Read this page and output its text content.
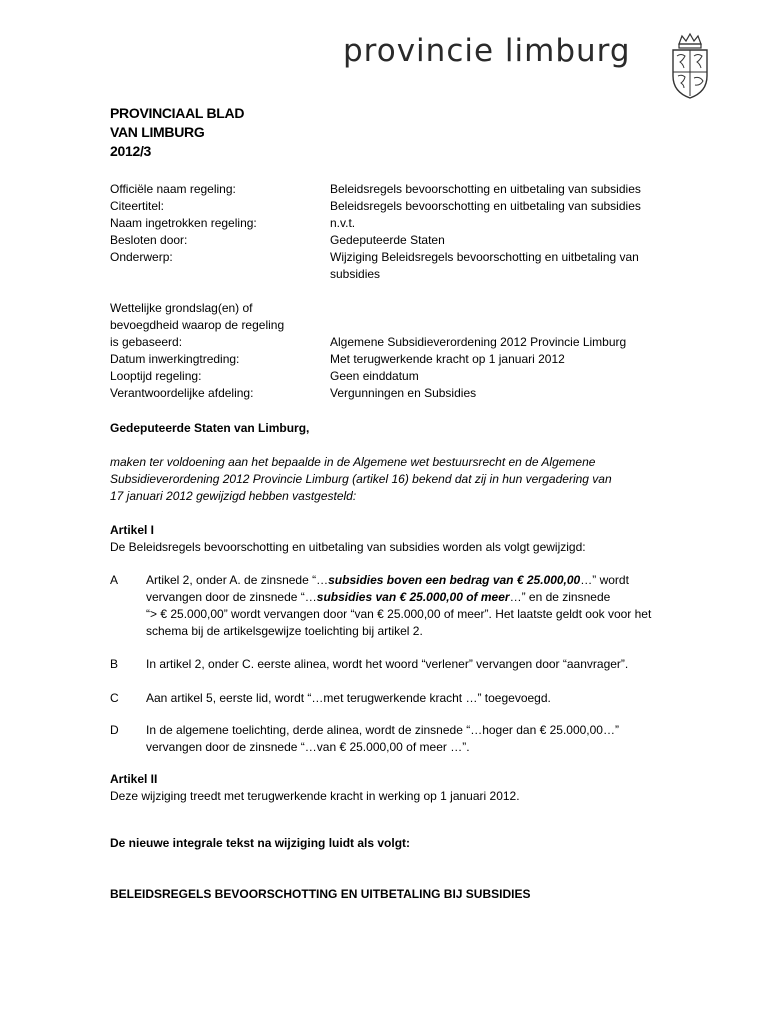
provincie limburg
PROVINCIAAL BLAD
VAN LIMBURG
2012/3
Officiële naam regeling:	Beleidsregels bevoorschotting en uitbetaling van subsidies
Citeertitel:	Beleidsregels bevoorschotting en uitbetaling van subsidies
Naam ingetrokken regeling:	n.v.t.
Besloten door:	Gedeputeerde Staten
Onderwerp:	Wijziging Beleidsregels bevoorschotting en uitbetaling van subsidies
Wettelijke grondslag(en) of
bevoegdheid waarop de regeling
is gebaseerd:	Algemene Subsidieverordening 2012 Provincie Limburg
Datum inwerkingtreding:	Met terugwerkende kracht op 1 januari 2012
Looptijd regeling:	Geen einddatum
Verantwoordelijke afdeling:	Vergunningen en Subsidies
Gedeputeerde Staten van Limburg,
maken ter voldoening aan het bepaalde in de Algemene wet bestuursrecht en de Algemene
Subsidieverordening 2012 Provincie Limburg (artikel 16) bekend dat zij in hun vergadering van
17 januari 2012 gewijzigd hebben vastgesteld:
Artikel I
De Beleidsregels bevoorschotting en uitbetaling van subsidies worden als volgt gewijzigd:
A Artikel 2, onder A. de zinsnede “…subsidies boven een bedrag van € 25.000,00…” wordt
vervangen door de zinsnede “…subsidies van € 25.000,00 of meer…” en de zinsnede
“> € 25.000,00” wordt vervangen door “van € 25.000,00 of meer”. Het laatste geldt ook voor het
schema bij de artikelsgewijze toelichting bij artikel 2.
B In artikel 2, onder C. eerste alinea, wordt het woord “verlener” vervangen door “aanvrager”.
C Aan artikel 5, eerste lid, wordt “…met terugwerkende kracht …” toegevoegd.
D In de algemene toelichting, derde alinea, wordt de zinsnede “…hoger dan € 25.000,00…”
vervangen door de zinsnede “…van € 25.000,00 of meer …”.
Artikel II
Deze wijziging treedt met terugwerkende kracht in werking op 1 januari 2012.
De nieuwe integrale tekst na wijziging luidt als volgt:
BELEIDSREGELS BEVOORSCHOTTING EN UITBETALING BIJ SUBSIDIES
